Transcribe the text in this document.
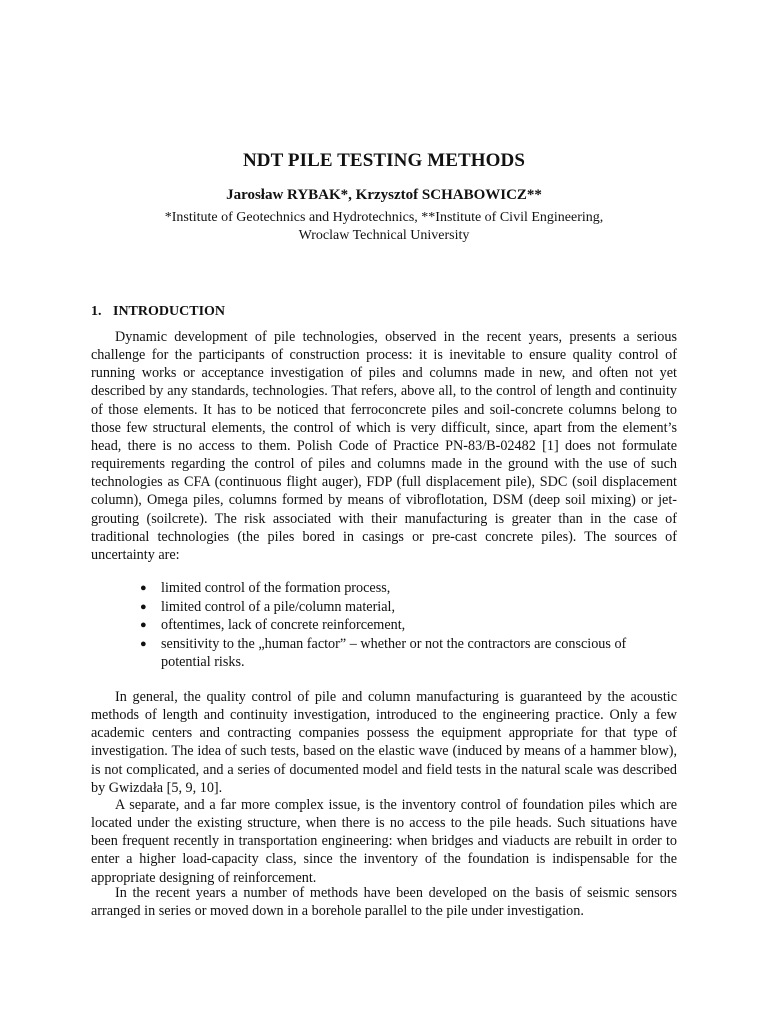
NDT PILE TESTING METHODS
Jarosław RYBAK*, Krzysztof SCHABOWICZ**
*Institute of Geotechnics and Hydrotechnics, **Institute of Civil Engineering,
Wroclaw Technical University
1. INTRODUCTION

Dynamic development of pile technologies, observed in the recent years, presents a serious challenge for the participants of construction process: it is inevitable to ensure quality control of running works or acceptance investigation of piles and columns made in new, and often not yet described by any standards, technologies. That refers, above all, to the control of length and continuity of those elements. It has to be noticed that ferroconcrete piles and soil-concrete columns belong to those few structural elements, the control of which is very difficult, since, apart from the element’s head, there is no access to them. Polish Code of Practice PN-83/B-02482 [1] does not formulate requirements regarding the control of piles and columns made in the ground with the use of such technologies as CFA (continuous flight auger), FDP (full displacement pile), SDC (soil displacement column), Omega piles, columns formed by means of vibroflotation, DSM (deep soil mixing) or jet-grouting (soilcrete). The risk associated with their manufacturing is greater than in the case of traditional technologies (the piles bored in casings or pre-cast concrete piles). The sources of uncertainty are:

● limited control of the formation process,
● limited control of a pile/column material,
● oftentimes, lack of concrete reinforcement,
● sensitivity to the „human factor” – whether or not the contractors are conscious of potential risks.

In general, the quality control of pile and column manufacturing is guaranteed by the acoustic methods of length and continuity investigation, introduced to the engineering practice. Only a few academic centers and contracting companies possess the equipment appropriate for that type of investigation. The idea of such tests, based on the elastic wave (induced by means of a hammer blow), is not complicated, and a series of documented model and field tests in the natural scale was described by Gwizdała [5, 9, 10].

A separate, and a far more complex issue, is the inventory control of foundation piles which are located under the existing structure, when there is no access to the pile heads. Such situations have been frequent recently in transportation engineering: when bridges and viaducts are rebuilt in order to enter a higher load-capacity class, since the inventory of the foundation is indispensable for the appropriate designing of reinforcement.

In the recent years a number of methods have been developed on the basis of seismic sensors arranged in series or moved down in a borehole parallel to the pile under investigation.
